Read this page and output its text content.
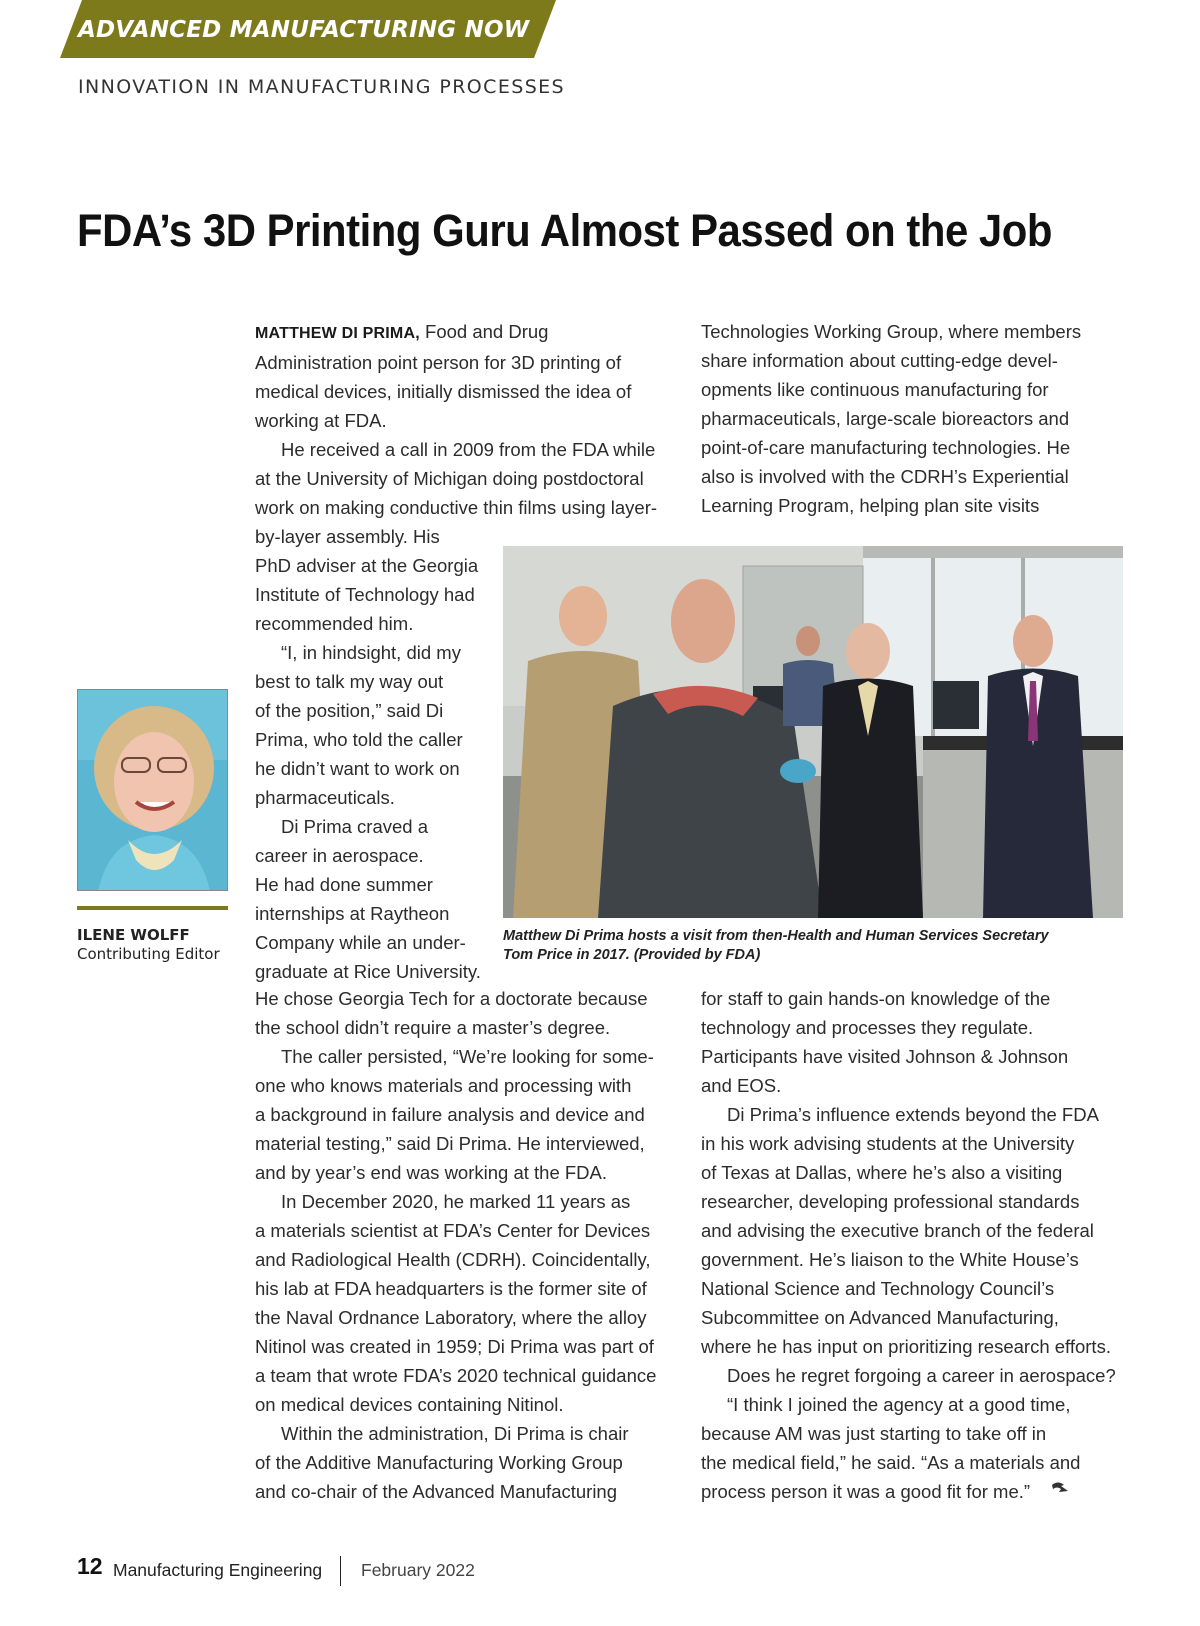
ADVANCED MANUFACTURING NOW
INNOVATION IN MANUFACTURING PROCESSES
FDA’s 3D Printing Guru Almost Passed on the Job
ILENE WOLFF
Contributing Editor

MATTHEW DI PRIMA, Food and Drug

Administration point person for 3D printing of

medical devices, initially dismissed the idea of

working at FDA.

He received a call in 2009 from the FDA while

at the University of Michigan doing postdoctoral

work on making conductive thin films using layer-

by-layer assembly. His

PhD adviser at the Georgia

Institute of Technology had

recommended him.

“I, in hindsight, did my

best to talk my way out

of the position,” said Di

Prima, who told the caller

he didn’t want to work on

pharmaceuticals.

Di Prima craved a

career in aerospace.

He had done summer

internships at Raytheon

Company while an under-

graduate at Rice University.

He chose Georgia Tech for a doctorate because

the school didn’t require a master’s degree.

The caller persisted, “We’re looking for some-

one who knows materials and processing with

a background in failure analysis and device and

material testing,” said Di Prima. He interviewed,

and by year’s end was working at the FDA.

In December 2020, he marked 11 years as

a materials scientist at FDA’s Center for Devices

and Radiological Health (CDRH). Coincidentally,

his lab at FDA headquarters is the former site of

the Naval Ordnance Laboratory, where the alloy

Nitinol was created in 1959; Di Prima was part of

a team that wrote FDA’s 2020 technical guidance

on medical devices containing Nitinol.

Within the administration, Di Prima is chair

of the Additive Manufacturing Working Group

and co-chair of the Advanced Manufacturing

Technologies Working Group, where members

share information about cutting-edge devel-

opments like continuous manufacturing for

pharmaceuticals, large-scale bioreactors and

point-of-care manufacturing technologies. He

also is involved with the CDRH’s Experiential

Learning Program, helping plan site visits

for staff to gain hands-on knowledge of the

technology and processes they regulate.

Participants have visited Johnson & Johnson

and EOS.

Di Prima’s influence extends beyond the FDA

in his work advising students at the University

of Texas at Dallas, where he’s also a visiting

researcher, developing professional standards

and advising the executive branch of the federal

government. He’s liaison to the White House’s

National Science and Technology Council’s

Subcommittee on Advanced Manufacturing,

where he has input on prioritizing research efforts.

Does he regret forgoing a career in aerospace?

“I think I joined the agency at a good time,

because AM was just starting to take off in

the medical field,” he said. “As a materials and

process person it was a good fit for me.”

Matthew Di Prima hosts a visit from then-Health and Human Services Secretary
Tom Price in 2017. (Provided by FDA)
12 Manufacturing Engineering February 2022
